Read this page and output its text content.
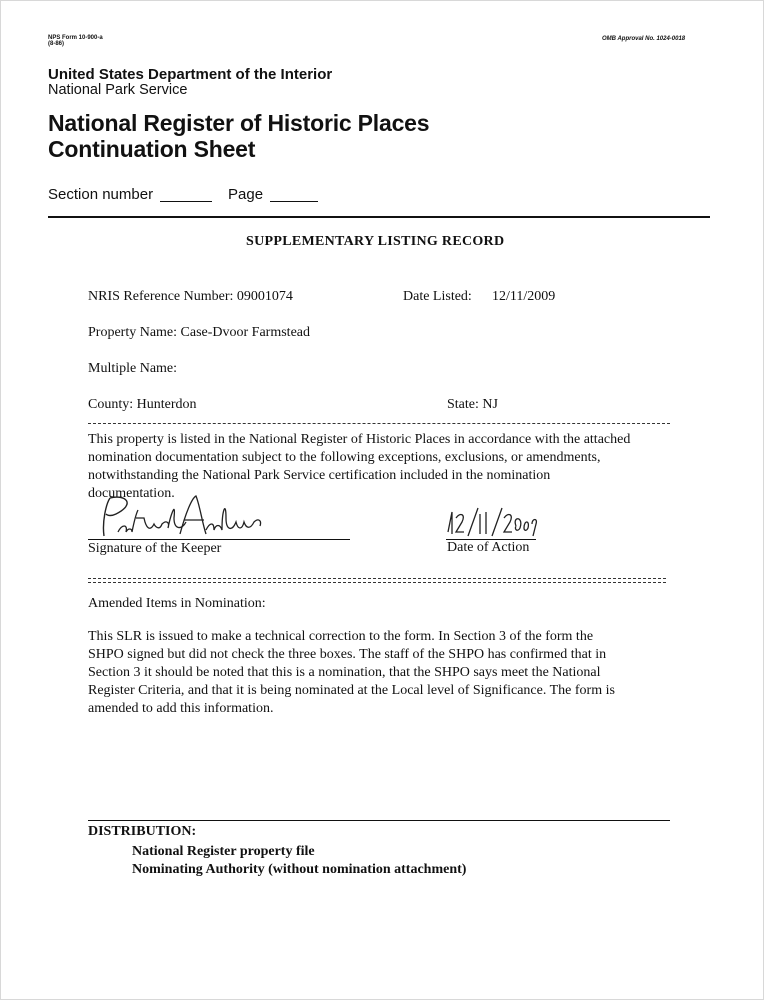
NPS Form 10-900-a
(8-86)
OMB Approval No. 1024-0018
United States Department of the Interior
National Park Service
National Register of Historic Places
Continuation Sheet
Section number	Page
SUPPLEMENTARY LISTING RECORD
NRIS Reference Number: 09001074	Date Listed: 12/11/2009
Property Name: Case-Dvoor Farmstead
Multiple Name:
County: Hunterdon	State: NJ
This property is listed in the National Register of Historic Places in accordance with the attached
nomination documentation subject to the following exceptions, exclusions, or amendments,
notwithstanding the National Park Service certification included in the nomination
documentation.
Signature of the Keeper	Date of Action
Amended Items in Nomination:
This SLR is issued to make a technical correction to the form. In Section 3 of the form the
SHPO signed but did not check the three boxes. The staff of the SHPO has confirmed that in
Section 3 it should be noted that this is a nomination, that the SHPO says meet the National
Register Criteria, and that it is being nominated at the Local level of Significance. The form is
amended to add this information.
DISTRIBUTION:
National Register property file
Nominating Authority (without nomination attachment)
